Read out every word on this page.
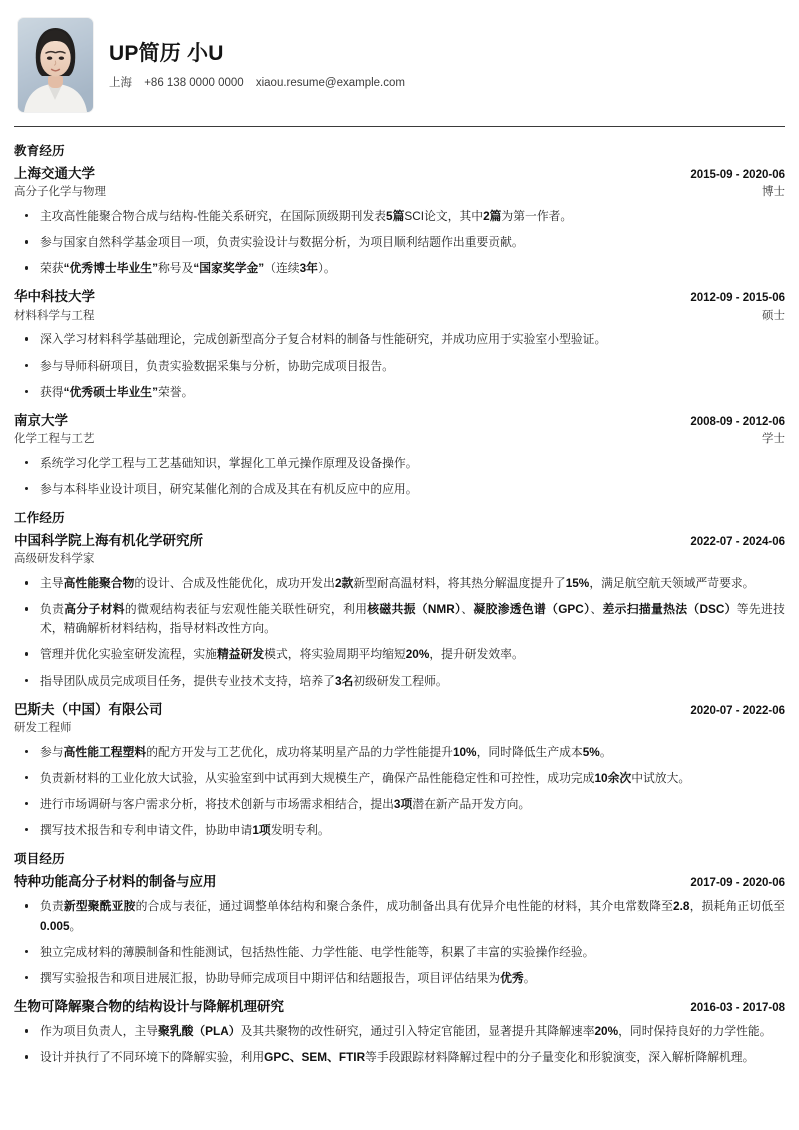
UP简历 小U
上海 +86 138 0000 0000 xiaou.resume@example.com
教育经历
上海交通大学	2015-09 - 2020-06
高分子化学与物理	博士
主攻高性能聚合物合成与结构-性能关系研究，在国际顶级期刊发表5篇SCI论文，其中2篇为第一作者。
参与国家自然科学基金项目一项，负责实验设计与数据分析，为项目顺利结题作出重要贡献。
荣获“优秀博士毕业生”称号及“国家奖学金”（连续3年）。
华中科技大学	2012-09 - 2015-06
材料科学与工程	硕士
深入学习材料科学基础理论，完成创新型高分子复合材料的制备与性能研究，并成功应用于实验室小型验证。
参与导师科研项目，负责实验数据采集与分析，协助完成项目报告。
获得“优秀硕士毕业生”荣誉。
南京大学	2008-09 - 2012-06
化学工程与工艺	学士
系统学习化学工程与工艺基础知识，掌握化工单元操作原理及设备操作。
参与本科毕业设计项目，研究某催化剂的合成及其在有机反应中的应用。
工作经历
中国科学院上海有机化学研究所	2022-07 - 2024-06
高级研发科学家
主导高性能聚合物的设计、合成及性能优化，成功开发出2款新型耐高温材料，将其热分解温度提升了15%，满足航空航天领域严苛要求。
负责高分子材料的微观结构表征与宏观性能关联性研究，利用核磁共振（NMR）、凝胶渗透色谱（GPC）、差示扫描量热法（DSC）等先进技术，精确解析材料结构，指导材料改性方向。
管理并优化实验室研发流程，实施精益研发模式，将实验周期平均缩短20%，提升研发效率。
指导团队成员完成项目任务，提供专业技术支持，培养了3名初级研发工程师。
巴斯夫（中国）有限公司	2020-07 - 2022-06
研发工程师
参与高性能工程塑料的配方开发与工艺优化，成功将某明星产品的力学性能提升10%，同时降低生产成本5%。
负责新材料的工业化放大试验，从实验室到中试再到大规模生产，确保产品性能稳定性和可控性，成功完成10余次中试放大。
进行市场调研与客户需求分析，将技术创新与市场需求相结合，提出3项潜在新产品开发方向。
撰写技术报告和专利申请文件，协助申请1项发明专利。
项目经历
特种功能高分子材料的制备与应用	2017-09 - 2020-06
负责新型聚酰亚胺的合成与表征，通过调整单体结构和聚合条件，成功制备出具有优异介电性能的材料，其介电常数降至2.8，损耗角正切低至0.005。
独立完成材料的薄膜制备和性能测试，包括热性能、力学性能、电学性能等，积累了丰富的实验操作经验。
撰写实验报告和项目进展汇报，协助导师完成项目中期评估和结题报告，项目评估结果为优秀。
生物可降解聚合物的结构设计与降解机理研究	2016-03 - 2017-08
作为项目负责人，主导聚乳酸（PLA）及其共聚物的改性研究，通过引入特定官能团，显著提升其降解速率20%，同时保持良好的力学性能。
设计并执行了不同环境下的降解实验，利用GPC、SEM、FTIR等手段跟踪材料降解过程中的分子量变化和形貌演变，深入解析降解机理。
